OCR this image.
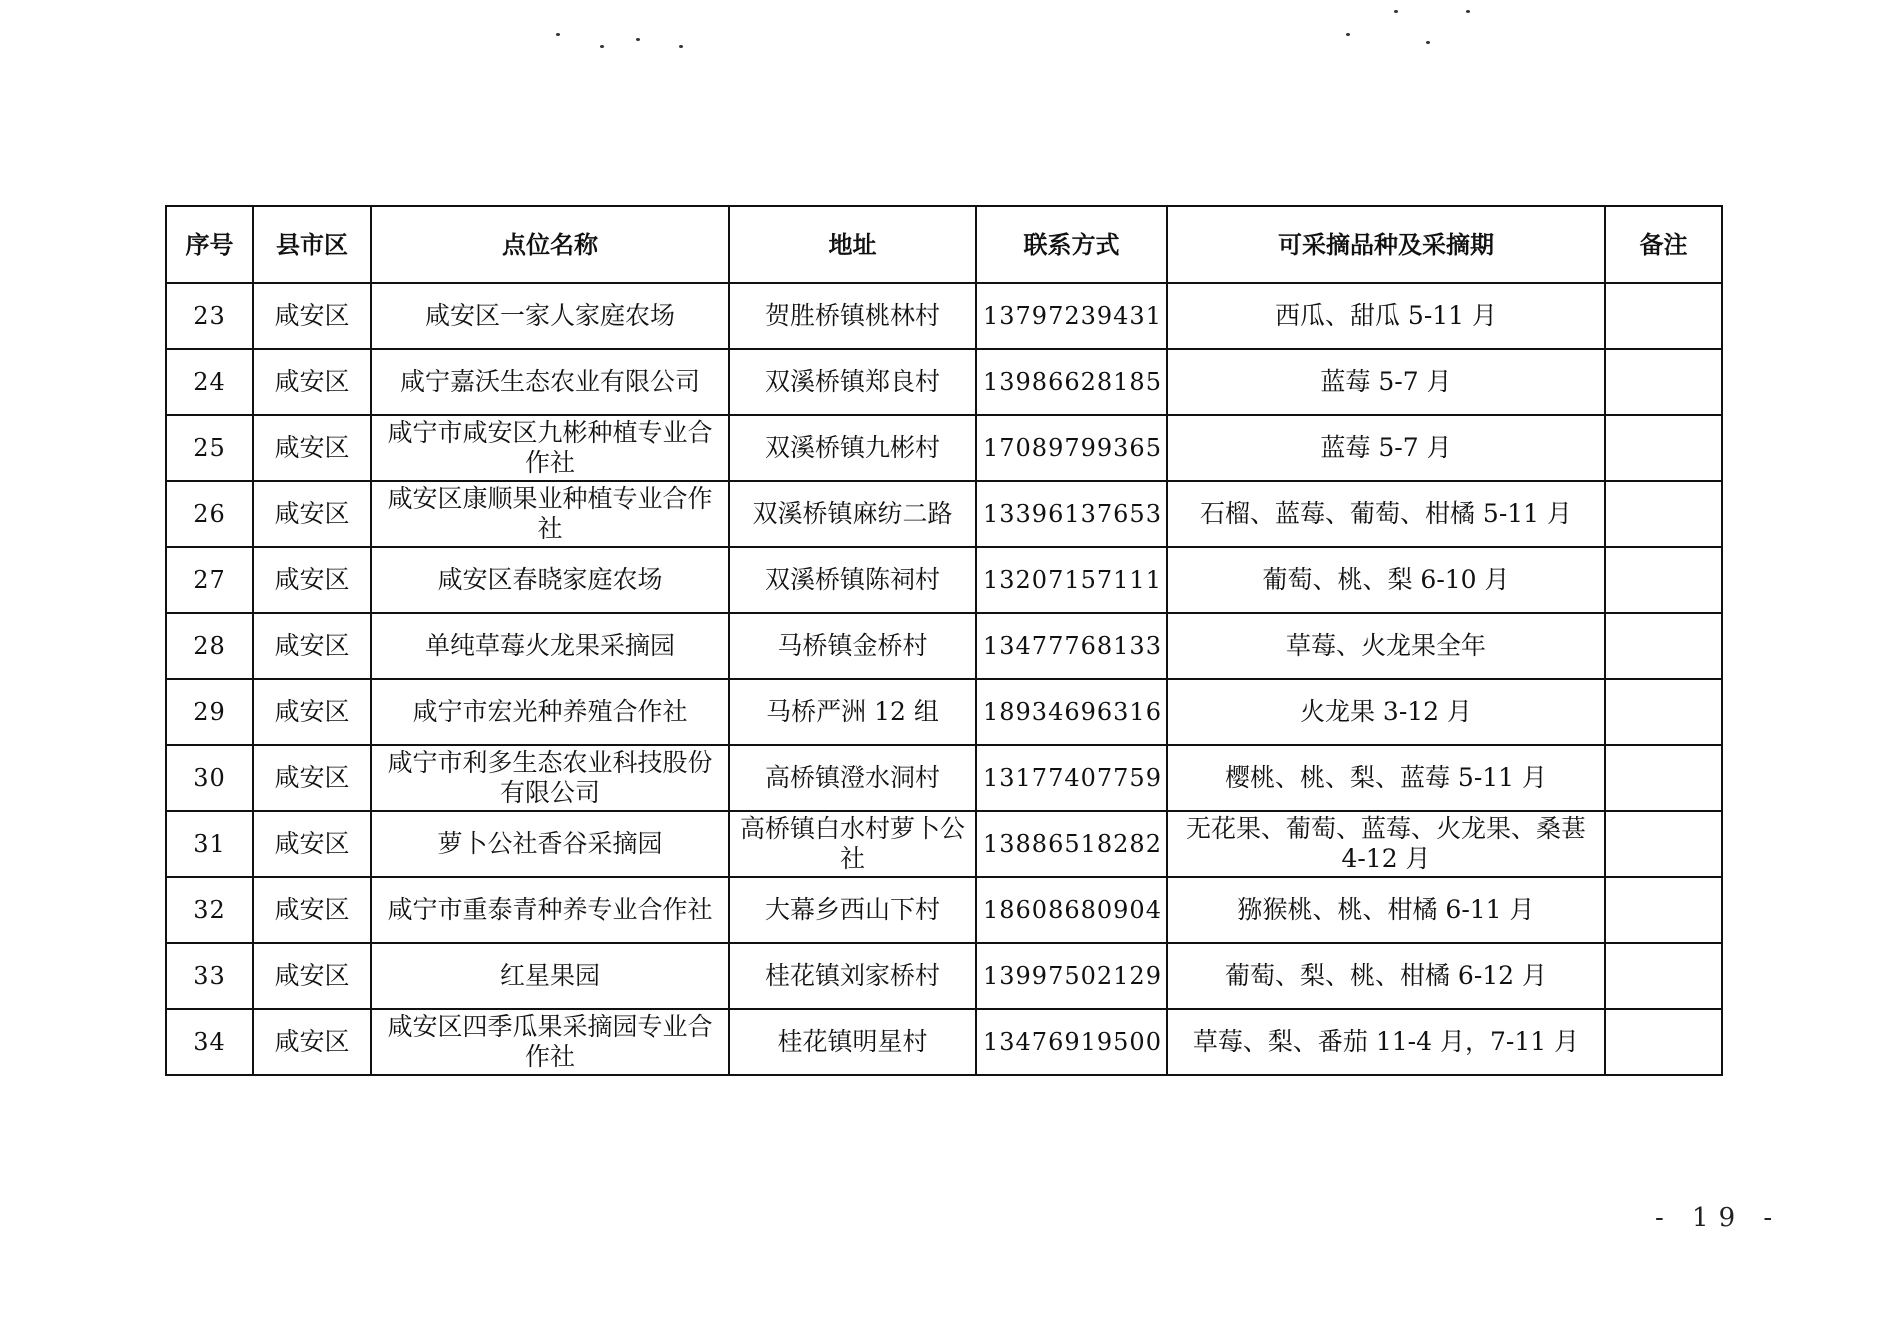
序号	县市区	点位名称	地址	联系方式	可采摘品种及采摘期	备注
23	咸安区	咸安区一家人家庭农场	贺胜桥镇桃林村	13797239431	西瓜、甜瓜 5-11 月	
24	咸安区	咸宁嘉沃生态农业有限公司	双溪桥镇郑良村	13986628185	蓝莓 5-7 月	
25	咸安区	咸宁市咸安区九彬种植专业合作社	双溪桥镇九彬村	17089799365	蓝莓 5-7 月	
26	咸安区	咸安区康顺果业种植专业合作社	双溪桥镇麻纺二路	13396137653	石榴、蓝莓、葡萄、柑橘 5-11 月	
27	咸安区	咸安区春晓家庭农场	双溪桥镇陈祠村	13207157111	葡萄、桃、梨 6-10 月	
28	咸安区	单纯草莓火龙果采摘园	马桥镇金桥村	13477768133	草莓、火龙果全年	
29	咸安区	咸宁市宏光种养殖合作社	马桥严洲 12 组	18934696316	火龙果 3-12 月	
30	咸安区	咸宁市利多生态农业科技股份有限公司	高桥镇澄水洞村	13177407759	樱桃、桃、梨、蓝莓 5-11 月	
31	咸安区	萝卜公社香谷采摘园	高桥镇白水村萝卜公社	13886518282	无花果、葡萄、蓝莓、火龙果、桑葚 4-12 月	
32	咸安区	咸宁市重泰青种养专业合作社	大幕乡西山下村	18608680904	猕猴桃、桃、柑橘 6-11 月	
33	咸安区	红星果园	桂花镇刘家桥村	13997502129	葡萄、梨、桃、柑橘 6-12 月	
34	咸安区	咸安区四季瓜果采摘园专业合作社	桂花镇明星村	13476919500	草莓、梨、番茄 11-4 月，7-11 月	
- 19 -
